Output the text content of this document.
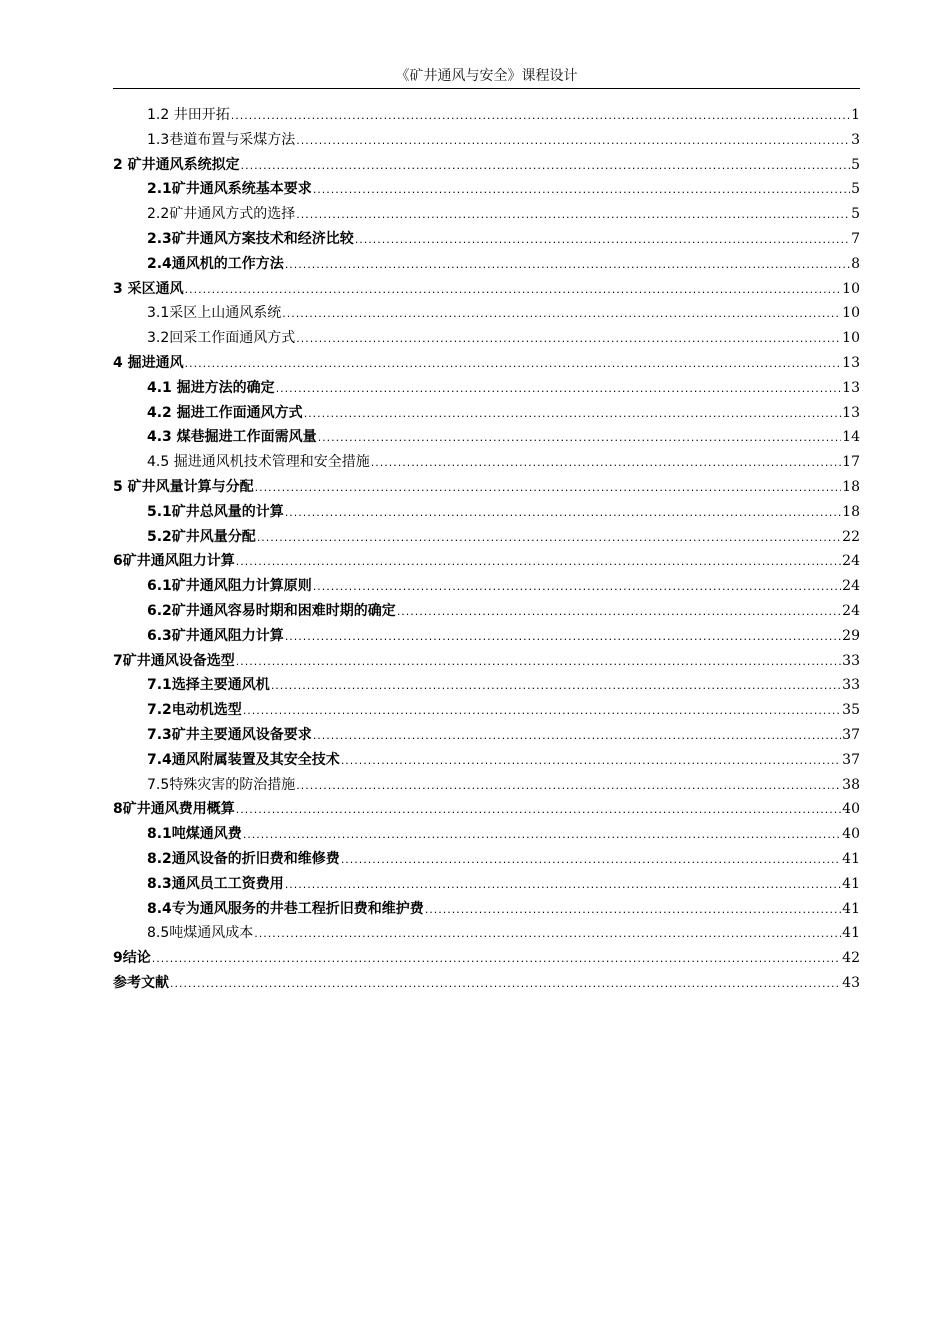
《矿井通风与安全》课程设计
1.2 井田开拓 .....	1
1.3巷道布置与采煤方法 .....	3
2 矿井通风系统拟定 .....	5
2.1矿井通风系统基本要求 .....	5
2.2矿井通风方式的选择 .....	5
2.3矿井通风方案技术和经济比较 .....	7
2.4通风机的工作方法 .....	8
3 采区通风 .....	10
3.1采区上山通风系统 .....	10
3.2回采工作面通风方式 .....	10
4 掘进通风 .....	13
4.1 掘进方法的确定 .....	13
4.2 掘进工作面通风方式 .....	13
4.3 煤巷掘进工作面需风量 .....	14
4.5 掘进通风机技术管理和安全措施 .....	17
5 矿井风量计算与分配 .....	18
5.1矿井总风量的计算 .....	18
5.2矿井风量分配 .....	22
6矿井通风阻力计算 .....	24
6.1矿井通风阻力计算原则 .....	24
6.2矿井通风容易时期和困难时期的确定 .....	24
6.3矿井通风阻力计算 .....	29
7矿井通风设备选型 .....	33
7.1选择主要通风机 .....	33
7.2电动机选型 .....	35
7.3矿井主要通风设备要求 .....	37
7.4通风附属装置及其安全技术 .....	37
7.5特殊灾害的防治措施 .....	38
8矿井通风费用概算 .....	40
8.1吨煤通风费 .....	40
8.2通风设备的折旧费和维修费 .....	41
8.3通风员工工资费用 .....	41
8.4专为通风服务的井巷工程折旧费和维护费 .....	41
8.5吨煤通风成本 .....	41
9结论 .....	42
参考文献 .....	43
